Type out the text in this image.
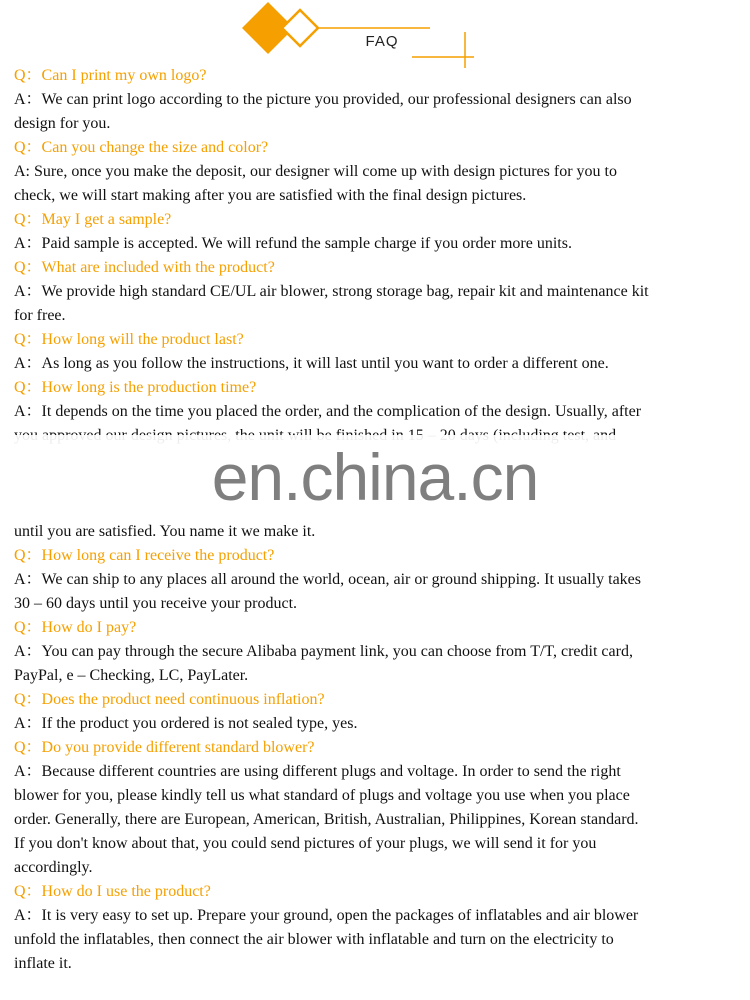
FAQ

Q：Can I print my own logo?

A：We can print logo according to the picture you provided, our professional designers can also

design for you.

Q：Can you change the size and color?

A: Sure, once you make the deposit, our designer will come up with design pictures for you to

check, we will start making after you are satisfied with the final design pictures.

Q：May I get a sample?

A：Paid sample is accepted. We will refund the sample charge if you order more units.

Q：What are included with the product?

A：We provide high standard CE/UL air blower, strong storage bag, repair kit and maintenance kit

for free.

Q：How long will the product last?

A：As long as you follow the instructions, it will last until you want to order a different one.

Q：How long is the production time?

A：It depends on the time you placed the order, and the complication of the design. Usually, after

until you are satisfied. You name it we make it.

Q：How long can I receive the product?

A：We can ship to any places all around the world, ocean, air or ground shipping. It usually takes

30 – 60 days until you receive your product.

Q：How do I pay?

A：You can pay through the secure Alibaba payment link, you can choose from T/T, credit card,

PayPal, e – Checking, LC, PayLater.

Q：Does the product need continuous inflation?

A：If the product you ordered is not sealed type, yes.

Q：Do you provide different standard blower?

A：Because different countries are using different plugs and voltage. In order to send the right

blower for you, please kindly tell us what standard of plugs and voltage you use when you place

order. Generally, there are European, American, British, Australian, Philippines, Korean standard.

If you don't know about that, you could send pictures of your plugs, we will send it for you

accordingly.

Q：How do I use the product?

A：It is very easy to set up. Prepare your ground, open the packages of inflatables and air blower

unfold the inflatables, then connect the air blower with inflatable and turn on the electricity to

inflate it.

en.china.cn
